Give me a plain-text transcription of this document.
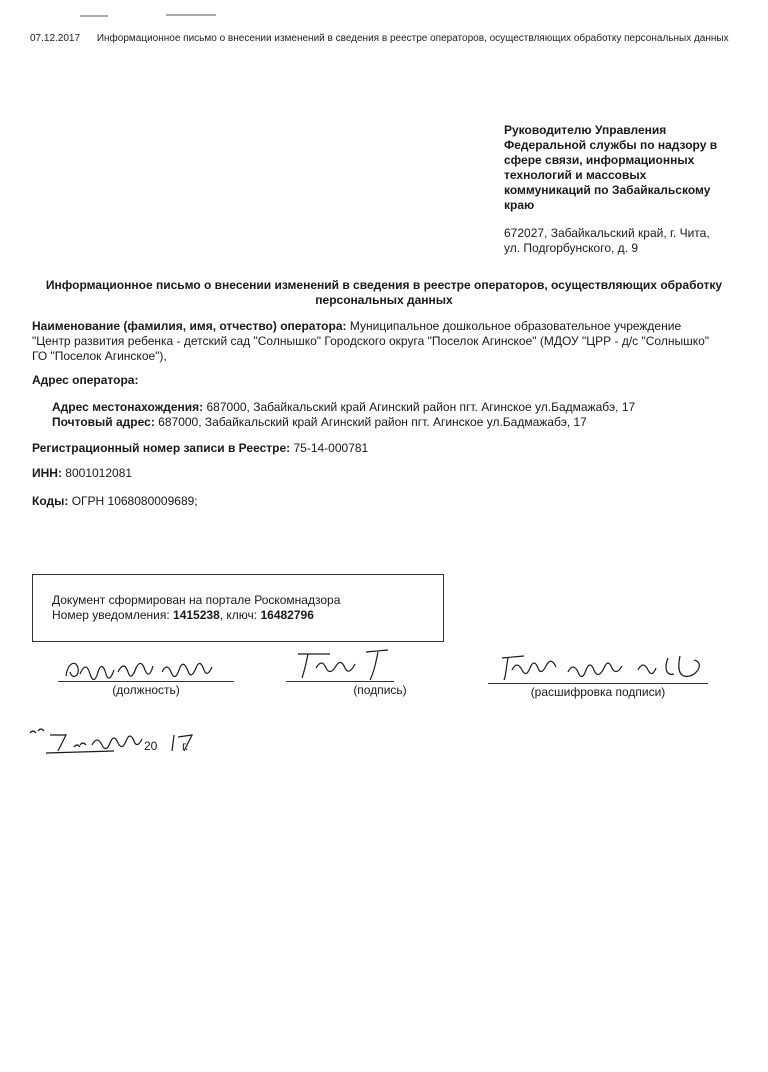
07.12.2017 Информационное письмо о внесении изменений в сведения в реестре операторов, осуществляющих обработку персональных данных
Руководителю Управления Федеральной службы по надзору в сфере связи, информационных технологий и массовых коммуникаций по Забайкальскому краю
672027, Забайкальский край, г. Чита, ул. Подгорбунского, д. 9
Информационное письмо о внесении изменений в сведения в реестре операторов, осуществляющих обработку персональных данных
Наименование (фамилия, имя, отчество) оператора: Муниципальное дошкольное образовательное учреждение "Центр развития ребенка - детский сад "Солнышко" Городского округа "Поселок Агинское" (МДОУ "ЦРР - д/с "Солнышко" ГО "Поселок Агинское"),
Адрес оператора:
Адрес местонахождения: 687000, Забайкальский край Агинский район пгт. Агинское ул.Бадмажабэ, 17
Почтовый адрес: 687000, Забайкальский край Агинский район пгт. Агинское ул.Бадмажабэ, 17
Регистрационный номер записи в Реестре: 75-14-000781
ИНН: 8001012081
Коды: ОГРН 1068080009689;
Документ сформирован на портале Роскомнадзора
Номер уведомления: 1415238, ключ: 16482796
(должность)	(подпись)	(расшифровка подписи)
20 г.
